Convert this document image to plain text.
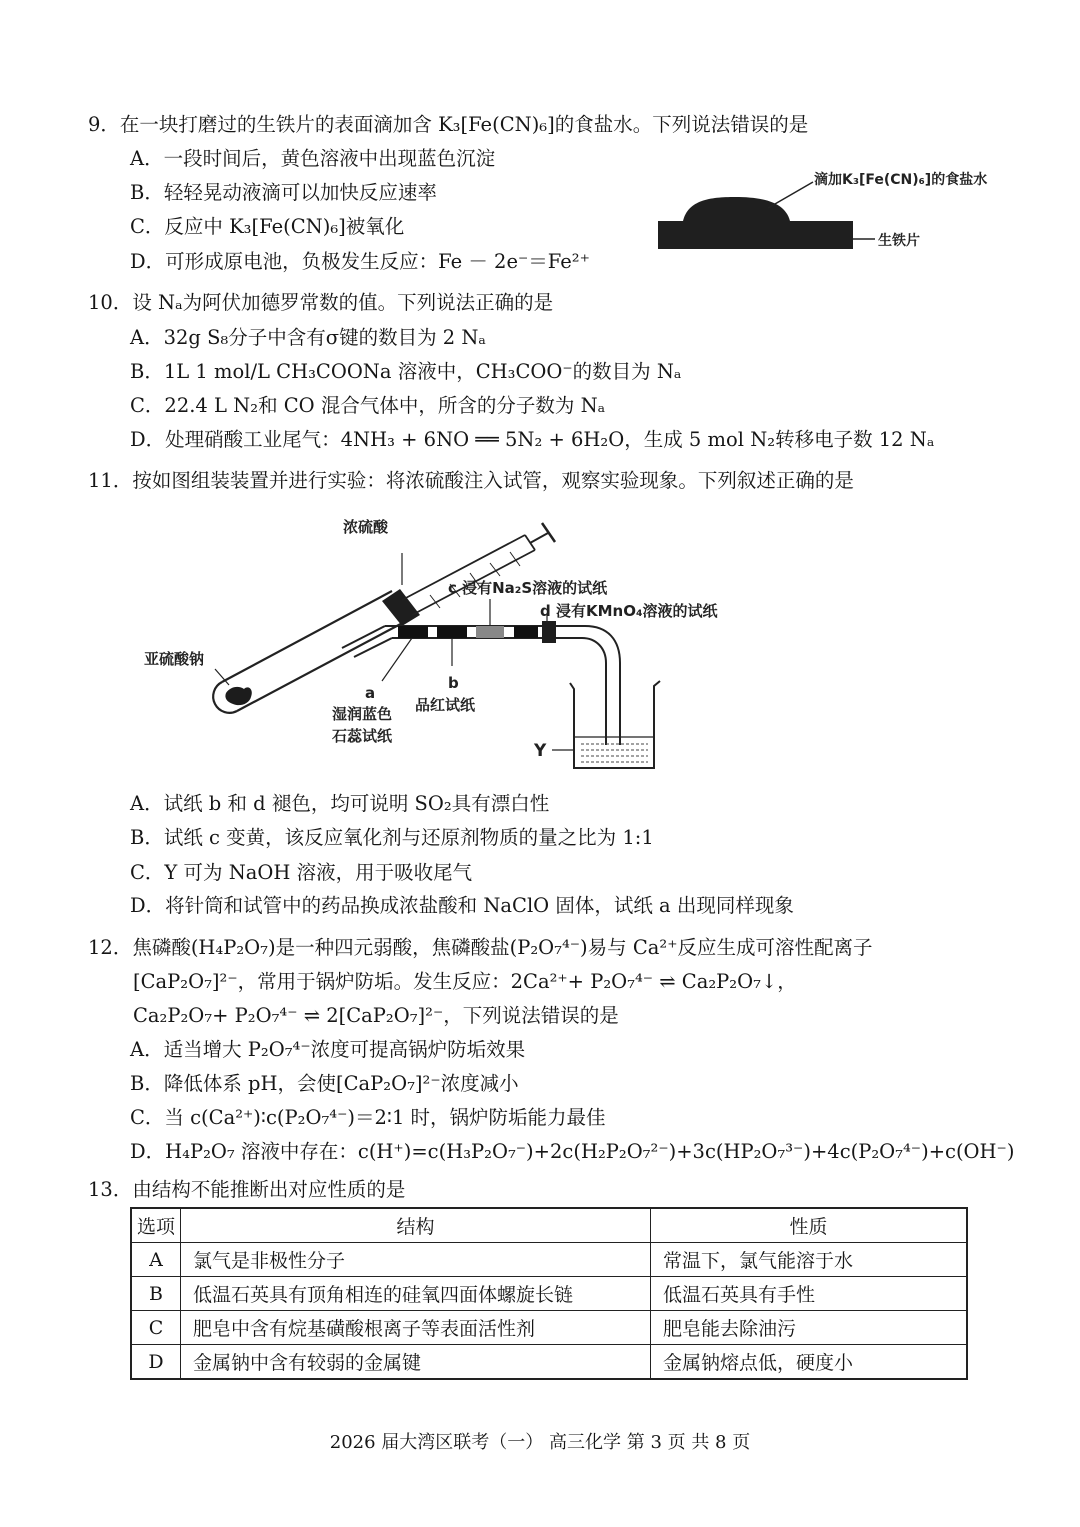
9．在一块打磨过的生铁片的表面滴加含 K₃[Fe(CN)₆]的食盐水。下列说法错误的是
A．一段时间后，黄色溶液中出现蓝色沉淀
B．轻轻晃动液滴可以加快反应速率
C．反应中 K₃[Fe(CN)₆]被氧化
D．可形成原电池，负极发生反应：Fe － 2e⁻＝Fe²⁺
滴加K₃[Fe(CN)₆]的食盐水
生铁片
10．设 Nₐ为阿伏加德罗常数的值。下列说法正确的是
A．32g S₈分子中含有σ键的数目为 2 Nₐ
B．1L 1 mol/L CH₃COONa 溶液中，CH₃COO⁻的数目为 Nₐ
C．22.4 L N₂和 CO 混合气体中，所含的分子数为 Nₐ
D．处理硝酸工业尾气：4NH₃ + 6NO ══ 5N₂ + 6H₂O，生成 5 mol N₂转移电子数 12 Nₐ
11．按如图组装装置并进行实验：将浓硫酸注入试管，观察实验现象。下列叙述正确的是
浓硫酸
亚硫酸钠
c 浸有Na₂S溶液的试纸
d 浸有KMnO₄溶液的试纸
a
湿润蓝色
石蕊试纸
b
品红试纸
Y
A．试纸 b 和 d 褪色，均可说明 SO₂具有漂白性
B．试纸 c 变黄，该反应氧化剂与还原剂物质的量之比为 1:1
C．Y 可为 NaOH 溶液，用于吸收尾气
D．将针筒和试管中的药品换成浓盐酸和 NaClO 固体，试纸 a 出现同样现象
12．焦磷酸(H₄P₂O₇)是一种四元弱酸，焦磷酸盐(P₂O₇⁴⁻)易与 Ca²⁺反应生成可溶性配离子
[CaP₂O₇]²⁻，常用于锅炉防垢。发生反应：2Ca²⁺+ P₂O₇⁴⁻ ⇌ Ca₂P₂O₇↓，
Ca₂P₂O₇+ P₂O₇⁴⁻ ⇌ 2[CaP₂O₇]²⁻，下列说法错误的是
A．适当增大 P₂O₇⁴⁻浓度可提高锅炉防垢效果
B．降低体系 pH，会使[CaP₂O₇]²⁻浓度减小
C．当 c(Ca²⁺)∶c(P₂O₇⁴⁻)＝2∶1 时，锅炉防垢能力最佳
D．H₄P₂O₇ 溶液中存在：c(H⁺)=c(H₃P₂O₇⁻)+2c(H₂P₂O₇²⁻)+3c(HP₂O₇³⁻)+4c(P₂O₇⁴⁻)+c(OH⁻)
13．由结构不能推断出对应性质的是
选项	结构	性质
A	氯气是非极性分子	常温下，氯气能溶于水
B	低温石英具有顶角相连的硅氧四面体螺旋长链	低温石英具有手性
C	肥皂中含有烷基磺酸根离子等表面活性剂	肥皂能去除油污
D	金属钠中含有较弱的金属键	金属钠熔点低，硬度小
2026 届大湾区联考（一） 高三化学 第 3 页 共 8 页
